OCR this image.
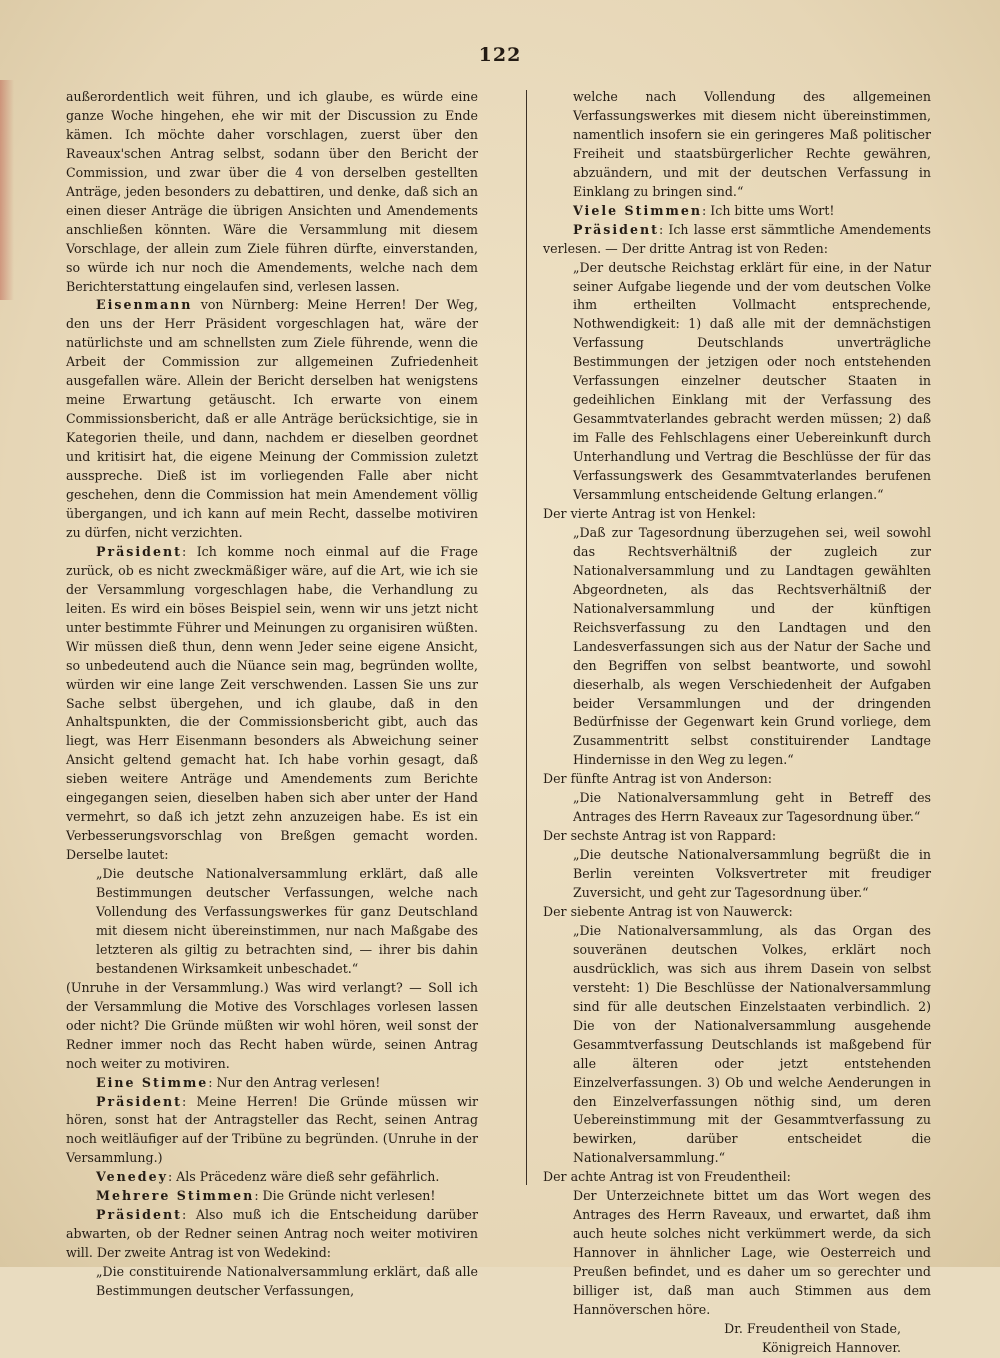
122

außerordentlich weit führen, und ich glaube, es würde eine ganze Woche hingehen, ehe wir mit der Discussion zu Ende kämen. Ich möchte daher vorschlagen, zuerst über den Raveaux'schen Antrag selbst, sodann über den Bericht der Commission, und zwar über die 4 von derselben gestellten Anträge, jeden besonders zu debattiren, und denke, daß sich an einen dieser Anträge die übrigen Ansichten und Amendements anschließen könnten. Wäre die Versammlung mit diesem Vorschlage, der allein zum Ziele führen dürfte, einverstanden, so würde ich nur noch die Amendements, welche nach dem Berichterstattung eingelaufen sind, verlesen lassen.

Eisenmann von Nürnberg: Meine Herren! Der Weg, den uns der Herr Präsident vorgeschlagen hat, wäre der natürlichste und am schnellsten zum Ziele führende, wenn die Arbeit der Commission zur allgemeinen Zufriedenheit ausgefallen wäre. Allein der Bericht derselben hat wenigstens meine Erwartung getäuscht. Ich erwarte von einem Commissionsbericht, daß er alle Anträge berücksichtige, sie in Kategorien theile, und dann, nachdem er dieselben geordnet und kritisirt hat, die eigene Meinung der Commission zuletzt ausspreche. Dieß ist im vorliegenden Falle aber nicht geschehen, denn die Commission hat mein Amendement völlig übergangen, und ich kann auf mein Recht, dasselbe motiviren zu dürfen, nicht verzichten.

Präsident: Ich komme noch einmal auf die Frage zurück, ob es nicht zweckmäßiger wäre, auf die Art, wie ich sie der Versammlung vorgeschlagen habe, die Verhandlung zu leiten. Es wird ein böses Beispiel sein, wenn wir uns jetzt nicht unter bestimmte Führer und Meinungen zu organisiren wüßten. Wir müssen dieß thun, denn wenn Jeder seine eigene Ansicht, so unbedeutend auch die Nüance sein mag, begründen wollte, würden wir eine lange Zeit verschwenden. Lassen Sie uns zur Sache selbst übergehen, und ich glaube, daß in den Anhaltspunkten, die der Commissionsbericht gibt, auch das liegt, was Herr Eisenmann besonders als Abweichung seiner Ansicht geltend gemacht hat. Ich habe vorhin gesagt, daß sieben weitere Anträge und Amendements zum Berichte eingegangen seien, dieselben haben sich aber unter der Hand vermehrt, so daß ich jetzt zehn anzuzeigen habe. Es ist ein Verbesserungsvorschlag von Breßgen gemacht worden. Derselbe lautet:

„Die deutsche Nationalversammlung erklärt, daß alle Bestimmungen deutscher Verfassungen, welche nach Vollendung des Verfassungswerkes für ganz Deutschland mit diesem nicht übereinstimmen, nur nach Maßgabe des letzteren als giltig zu betrachten sind, — ihrer bis dahin bestandenen Wirksamkeit unbeschadet.“

(Unruhe in der Versammlung.) Was wird verlangt? — Soll ich der Versammlung die Motive des Vorschlages vorlesen lassen oder nicht? Die Gründe müßten wir wohl hören, weil sonst der Redner immer noch das Recht haben würde, seinen Antrag noch weiter zu motiviren.

Eine Stimme: Nur den Antrag verlesen!

Präsident: Meine Herren! Die Gründe müssen wir hören, sonst hat der Antragsteller das Recht, seinen Antrag noch weitläufiger auf der Tribüne zu begründen. (Unruhe in der Versammlung.)

Venedey: Als Präcedenz wäre dieß sehr gefährlich.

Mehrere Stimmen: Die Gründe nicht verlesen!

Präsident: Also muß ich die Entscheidung darüber abwarten, ob der Redner seinen Antrag noch weiter motiviren will. Der zweite Antrag ist von Wedekind:

„Die constituirende Nationalversammlung erklärt, daß alle Bestimmungen deutscher Verfassungen,

welche nach Vollendung des allgemeinen Verfassungswerkes mit diesem nicht übereinstimmen, namentlich insofern sie ein geringeres Maß politischer Freiheit und staatsbürgerlicher Rechte gewähren, abzuändern, und mit der deutschen Verfassung in Einklang zu bringen sind.“

Viele Stimmen: Ich bitte ums Wort!

Präsident: Ich lasse erst sämmtliche Amendements verlesen. — Der dritte Antrag ist von Reden:

„Der deutsche Reichstag erklärt für eine, in der Natur seiner Aufgabe liegende und der vom deutschen Volke ihm ertheilten Vollmacht entsprechende, Nothwendigkeit: 1) daß alle mit der demnächstigen Verfassung Deutschlands unverträgliche Bestimmungen der jetzigen oder noch entstehenden Verfassungen einzelner deutscher Staaten in gedeihlichen Einklang mit der Verfassung des Gesammtvaterlandes gebracht werden müssen; 2) daß im Falle des Fehlschlagens einer Uebereinkunft durch Unterhandlung und Vertrag die Beschlüsse der für das Verfassungswerk des Gesammtvaterlandes berufenen Versammlung entscheidende Geltung erlangen.“

Der vierte Antrag ist von Henkel:

„Daß zur Tagesordnung überzugehen sei, weil sowohl das Rechtsverhältniß der zugleich zur Nationalversammlung und zu Landtagen gewählten Abgeordneten, als das Rechtsverhältniß der Nationalversammlung und der künftigen Reichsverfassung zu den Landtagen und den Landesverfassungen sich aus der Natur der Sache und den Begriffen von selbst beantworte, und sowohl dieserhalb, als wegen Verschiedenheit der Aufgaben beider Versammlungen und der dringenden Bedürfnisse der Gegenwart kein Grund vorliege, dem Zusammentritt selbst constituirender Landtage Hindernisse in den Weg zu legen.“

Der fünfte Antrag ist von Anderson:

„Die Nationalversammlung geht in Betreff des Antrages des Herrn Raveaux zur Tagesordnung über.“

Der sechste Antrag ist von Rappard:

„Die deutsche Nationalversammlung begrüßt die in Berlin vereinten Volksvertreter mit freudiger Zuversicht, und geht zur Tagesordnung über.“

Der siebente Antrag ist von Nauwerck:

„Die Nationalversammlung, als das Organ des souveränen deutschen Volkes, erklärt noch ausdrücklich, was sich aus ihrem Dasein von selbst versteht: 1) Die Beschlüsse der Nationalversammlung sind für alle deutschen Einzelstaaten verbindlich. 2) Die von der Nationalversammlung ausgehende Gesammtverfassung Deutschlands ist maßgebend für alle älteren oder jetzt entstehenden Einzelverfassungen. 3) Ob und welche Aenderungen in den Einzelverfassungen nöthig sind, um deren Uebereinstimmung mit der Gesammtverfassung zu bewirken, darüber entscheidet die Nationalversammlung.“

Der achte Antrag ist von Freudentheil:

Der Unterzeichnete bittet um das Wort wegen des Antrages des Herrn Raveaux, und erwartet, daß ihm auch heute solches nicht verkümmert werde, da sich Hannover in ähnlicher Lage, wie Oesterreich und Preußen befindet, und es daher um so gerechter und billiger ist, daß man auch Stimmen aus dem Hannöverschen höre.

Dr. Freudentheil von Stade,

Königreich Hannover.
